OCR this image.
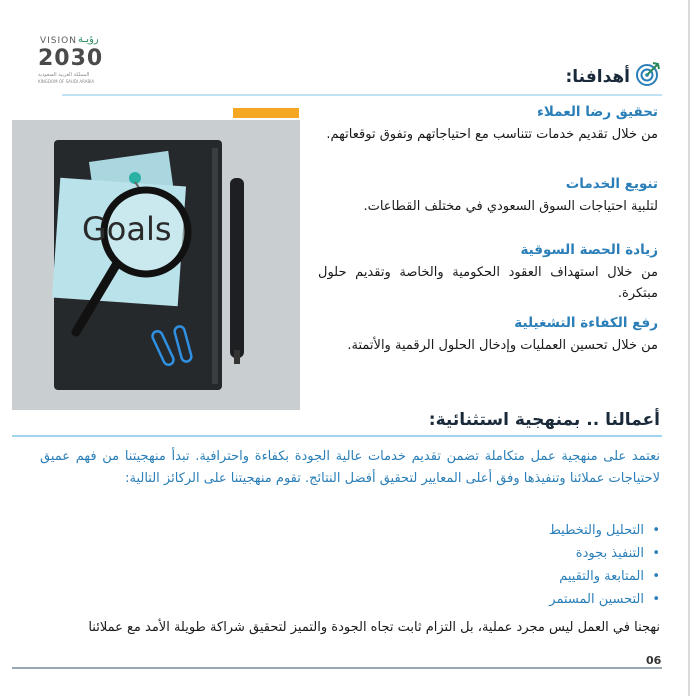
VISION رؤيـة
2030
المملكة العربية السعودية
KINGDOM OF SAUDI ARABIA	أهدافنا:
Goals

تحقيق رضا العملاء

من خلال تقديم خدمات تتناسب مع احتياجاتهم وتفوق توقعاتهم.

تنويع الخدمات

لتلبية احتياجات السوق السعودي في مختلف القطاعات.

زيادة الحصة السوقية

من خلال استهداف العقود الحكومية والخاصة وتقديم حلول مبتكرة.

رفع الكفاءة التشغيلية

من خلال تحسين العمليات وإدخال الحلول الرقمية والأتمتة.

أعمالنا .. بمنهجية استثنائية:

نعتمد على منهجية عمل متكاملة تضمن تقديم خدمات عالية الجودة بكفاءة واحترافية. تبدأ منهجيتنا من فهم عميق لاحتياجات عملائنا وتنفيذها وفق أعلى المعايير لتحقيق أفضل النتائج. تقوم منهجيتنا على الركائز التالية:

• التحليل والتخطيط
• التنفيذ بجودة
• المتابعة والتقييم
• التحسين المستمر
نهجنا في العمل ليس مجرد عملية، بل التزام ثابت تجاه الجودة والتميز لتحقيق شراكة طويلة الأمد مع عملائنا
06
